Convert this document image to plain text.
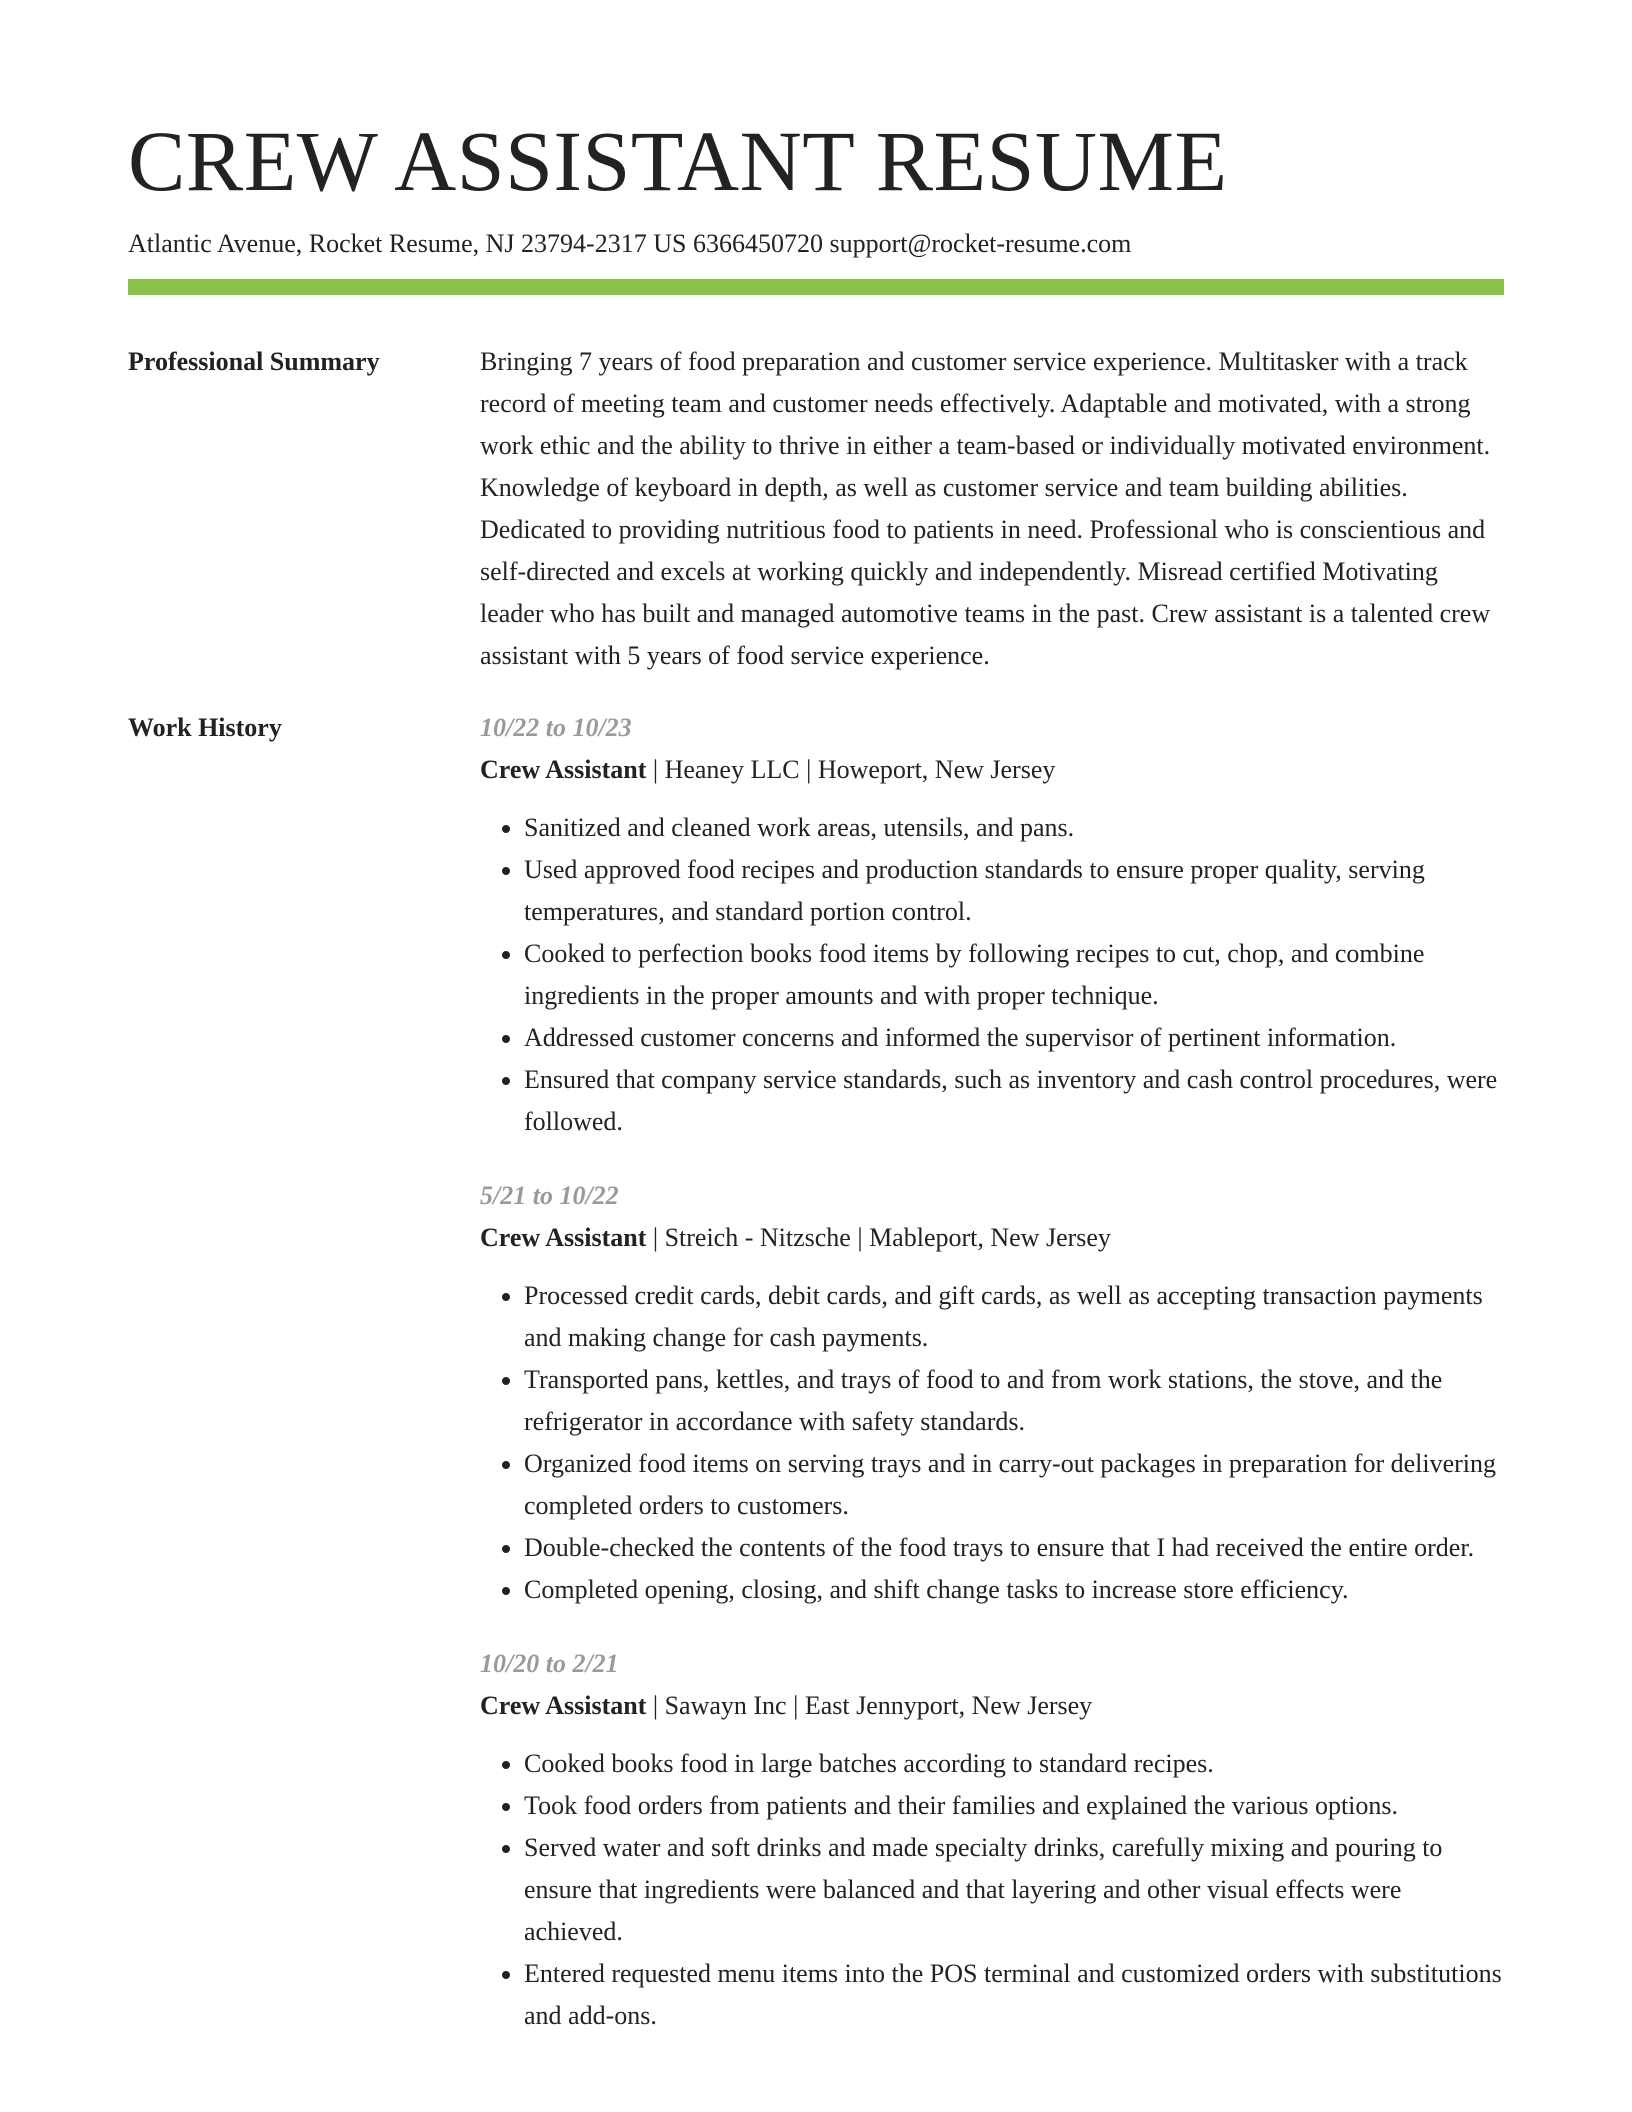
CREW ASSISTANT RESUME
Atlantic Avenue, Rocket Resume, NJ 23794-2317 US 6366450720 support@rocket-resume.com
Professional Summary	Bringing 7 years of food preparation and customer service experience. Multitasker with a track record of meeting team and customer needs effectively. Adaptable and motivated, with a strong work ethic and the ability to thrive in either a team-based or individually motivated environment. Knowledge of keyboard in depth, as well as customer service and team building abilities. Dedicated to providing nutritious food to patients in need. Professional who is conscientious and self-directed and excels at working quickly and independently. Misread certified Motivating leader who has built and managed automotive teams in the past. Crew assistant is a talented crew assistant with 5 years of food service experience.

Work History	10/22 to 10/23
Crew Assistant | Heaney LLC | Howeport, New Jersey
• Sanitized and cleaned work areas, utensils, and pans.
• Used approved food recipes and production standards to ensure proper quality, serving temperatures, and standard portion control.
• Cooked to perfection books food items by following recipes to cut, chop, and combine ingredients in the proper amounts and with proper technique.
• Addressed customer concerns and informed the supervisor of pertinent information.
• Ensured that company service standards, such as inventory and cash control procedures, were followed.
5/21 to 10/22
Crew Assistant | Streich - Nitzsche | Mableport, New Jersey
• Processed credit cards, debit cards, and gift cards, as well as accepting transaction payments and making change for cash payments.
• Transported pans, kettles, and trays of food to and from work stations, the stove, and the refrigerator in accordance with safety standards.
• Organized food items on serving trays and in carry-out packages in preparation for delivering completed orders to customers.
• Double-checked the contents of the food trays to ensure that I had received the entire order.
• Completed opening, closing, and shift change tasks to increase store efficiency.
10/20 to 2/21
Crew Assistant | Sawayn Inc | East Jennyport, New Jersey
• Cooked books food in large batches according to standard recipes.
• Took food orders from patients and their families and explained the various options.
• Served water and soft drinks and made specialty drinks, carefully mixing and pouring to ensure that ingredients were balanced and that layering and other visual effects were achieved.
• Entered requested menu items into the POS terminal and customized orders with substitutions and add-ons.
